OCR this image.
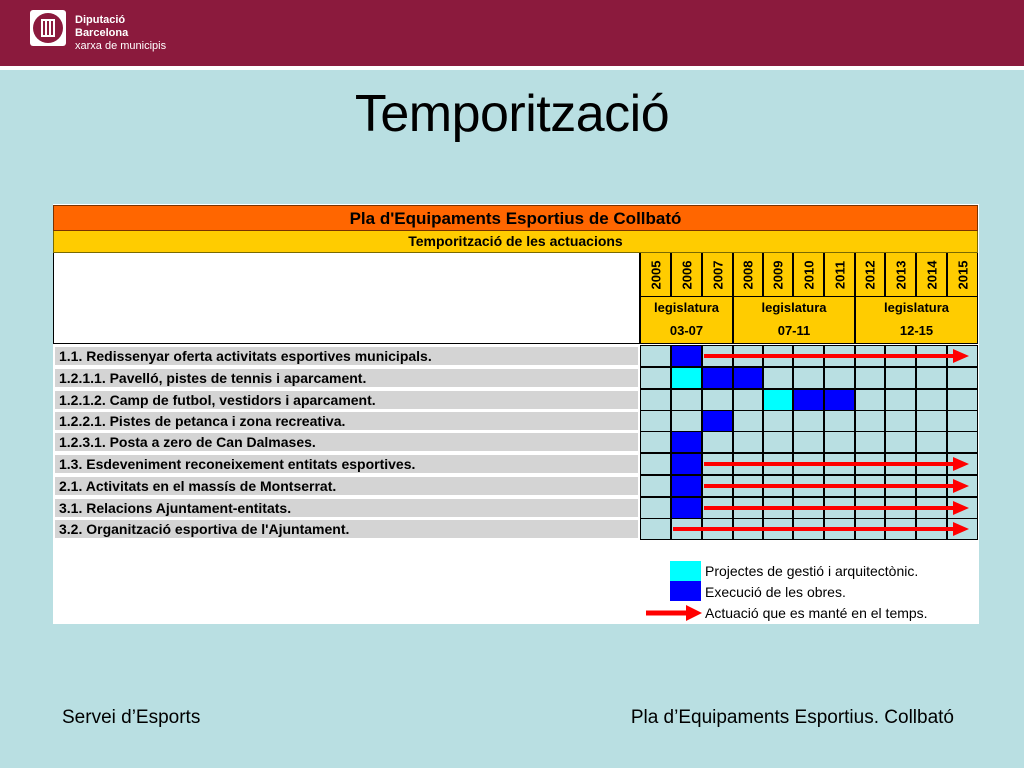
Diputació
Barcelona
xarxa de municipis
Temporització
Pla d'Equipaments Esportius de Collbató
Temporització de les actuacions
2005 2006 2007 2008 2009 2010 2011 2012 2013 2014 2015
legislatura
03-07
legislatura
07-11
legislatura
12-15
1.1. Redissenyar oferta activitats esportives municipals.
1.2.1.1. Pavelló, pistes de tennis i aparcament.
1.2.1.2. Camp de futbol, vestidors i aparcament.
1.2.2.1. Pistes de petanca i zona recreativa.
1.2.3.1. Posta a zero de Can Dalmases.
1.3. Esdeveniment reconeixement entitats esportives.
2.1. Activitats en el massís de Montserrat.
3.1. Relacions Ajuntament-entitats.
3.2. Organització esportiva de l'Ajuntament.
Projectes de gestió i arquitectònic.
Execució de les obres.
Actuació que es manté en el temps.
Servei d’Esports	Pla d’Equipaments Esportius. Collbató
